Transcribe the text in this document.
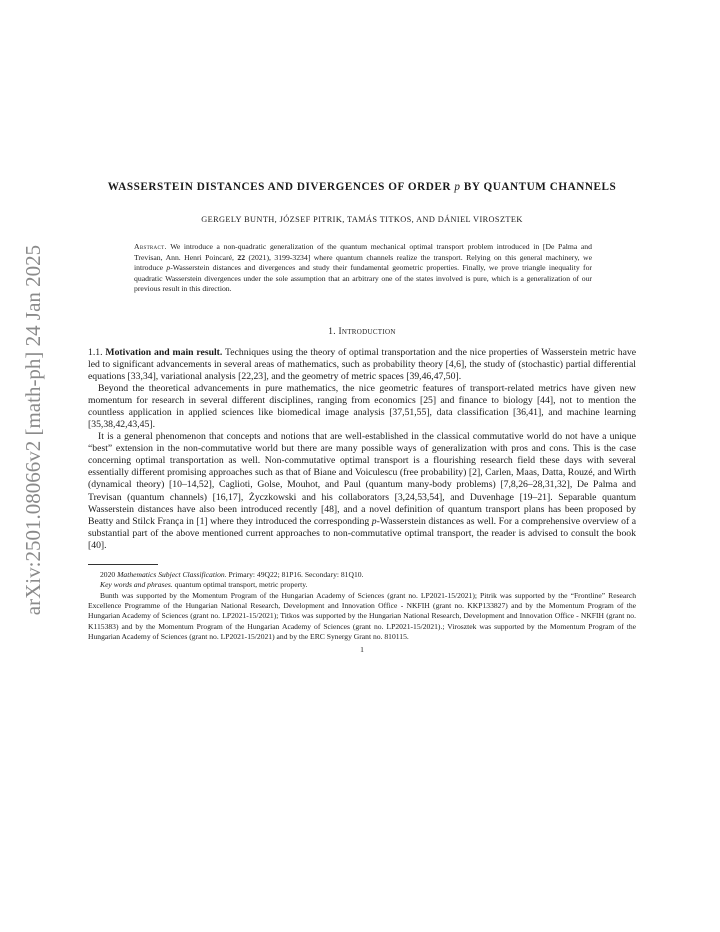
arXiv:2501.08066v2 [math-ph] 24 Jan 2025
WASSERSTEIN DISTANCES AND DIVERGENCES OF ORDER p BY QUANTUM CHANNELS
GERGELY BUNTH, JÓZSEF PITRIK, TAMÁS TITKOS, AND DÁNIEL VIROSZTEK
Abstract. We introduce a non-quadratic generalization of the quantum mechanical optimal transport problem introduced in [De Palma and Trevisan, Ann. Henri Poincaré, 22 (2021), 3199-3234] where quantum channels realize the transport. Relying on this general machinery, we introduce p-Wasserstein distances and divergences and study their fundamental geometric properties. Finally, we prove triangle inequality for quadratic Wasserstein divergences under the sole assumption that an arbitrary one of the states involved is pure, which is a generalization of our previous result in this direction.
1. Introduction

1.1. Motivation and main result. Techniques using the theory of optimal transportation and the nice properties of Wasserstein metric have led to significant advancements in several areas of mathematics, such as probability theory [4,6], the study of (stochastic) partial differential equations [33,34], variational analysis [22,23], and the geometry of metric spaces [39,46,47,50].

Beyond the theoretical advancements in pure mathematics, the nice geometric features of transport-related metrics have given new momentum for research in several different disciplines, ranging from economics [25] and finance to biology [44], not to mention the countless application in applied sciences like biomedical image analysis [37,51,55], data classification [36,41], and machine learning [35,38,42,43,45].

It is a general phenomenon that concepts and notions that are well-established in the classical commutative world do not have a unique “best” extension in the non-commutative world but there are many possible ways of generalization with pros and cons. This is the case concerning optimal transportation as well. Non-commutative optimal transport is a flourishing research field these days with several essentially different promising approaches such as that of Biane and Voiculescu (free probability) [2], Carlen, Maas, Datta, Rouzé, and Wirth (dynamical theory) [10–14,52], Caglioti, Golse, Mouhot, and Paul (quantum many-body problems) [7,8,26–28,31,32], De Palma and Trevisan (quantum channels) [16,17], Życzkowski and his collaborators [3,24,53,54], and Duvenhage [19–21]. Separable quantum Wasserstein distances have also been introduced recently [48], and a novel definition of quantum transport plans has been proposed by Beatty and Stilck França in [1] where they introduced the corresponding p-Wasserstein distances as well. For a comprehensive overview of a substantial part of the above mentioned current approaches to non-commutative optimal transport, the reader is advised to consult the book [40].

2020 Mathematics Subject Classification. Primary: 49Q22; 81P16. Secondary: 81Q10.

Key words and phrases. quantum optimal transport, metric property.

Bunth was supported by the Momentum Program of the Hungarian Academy of Sciences (grant no. LP2021-15/2021); Pitrik was supported by the “Frontline” Research Excellence Programme of the Hungarian National Research, Development and Innovation Office - NKFIH (grant no. KKP133827) and by the Momentum Program of the Hungarian Academy of Sciences (grant no. LP2021-15/2021); Titkos was supported by the Hungarian National Research, Development and Innovation Office - NKFIH (grant no. K115383) and by the Momentum Program of the Hungarian Academy of Sciences (grant no. LP2021-15/2021).; Virosztek was supported by the Momentum Program of the Hungarian Academy of Sciences (grant no. LP2021-15/2021) and by the ERC Synergy Grant no. 810115.

1
